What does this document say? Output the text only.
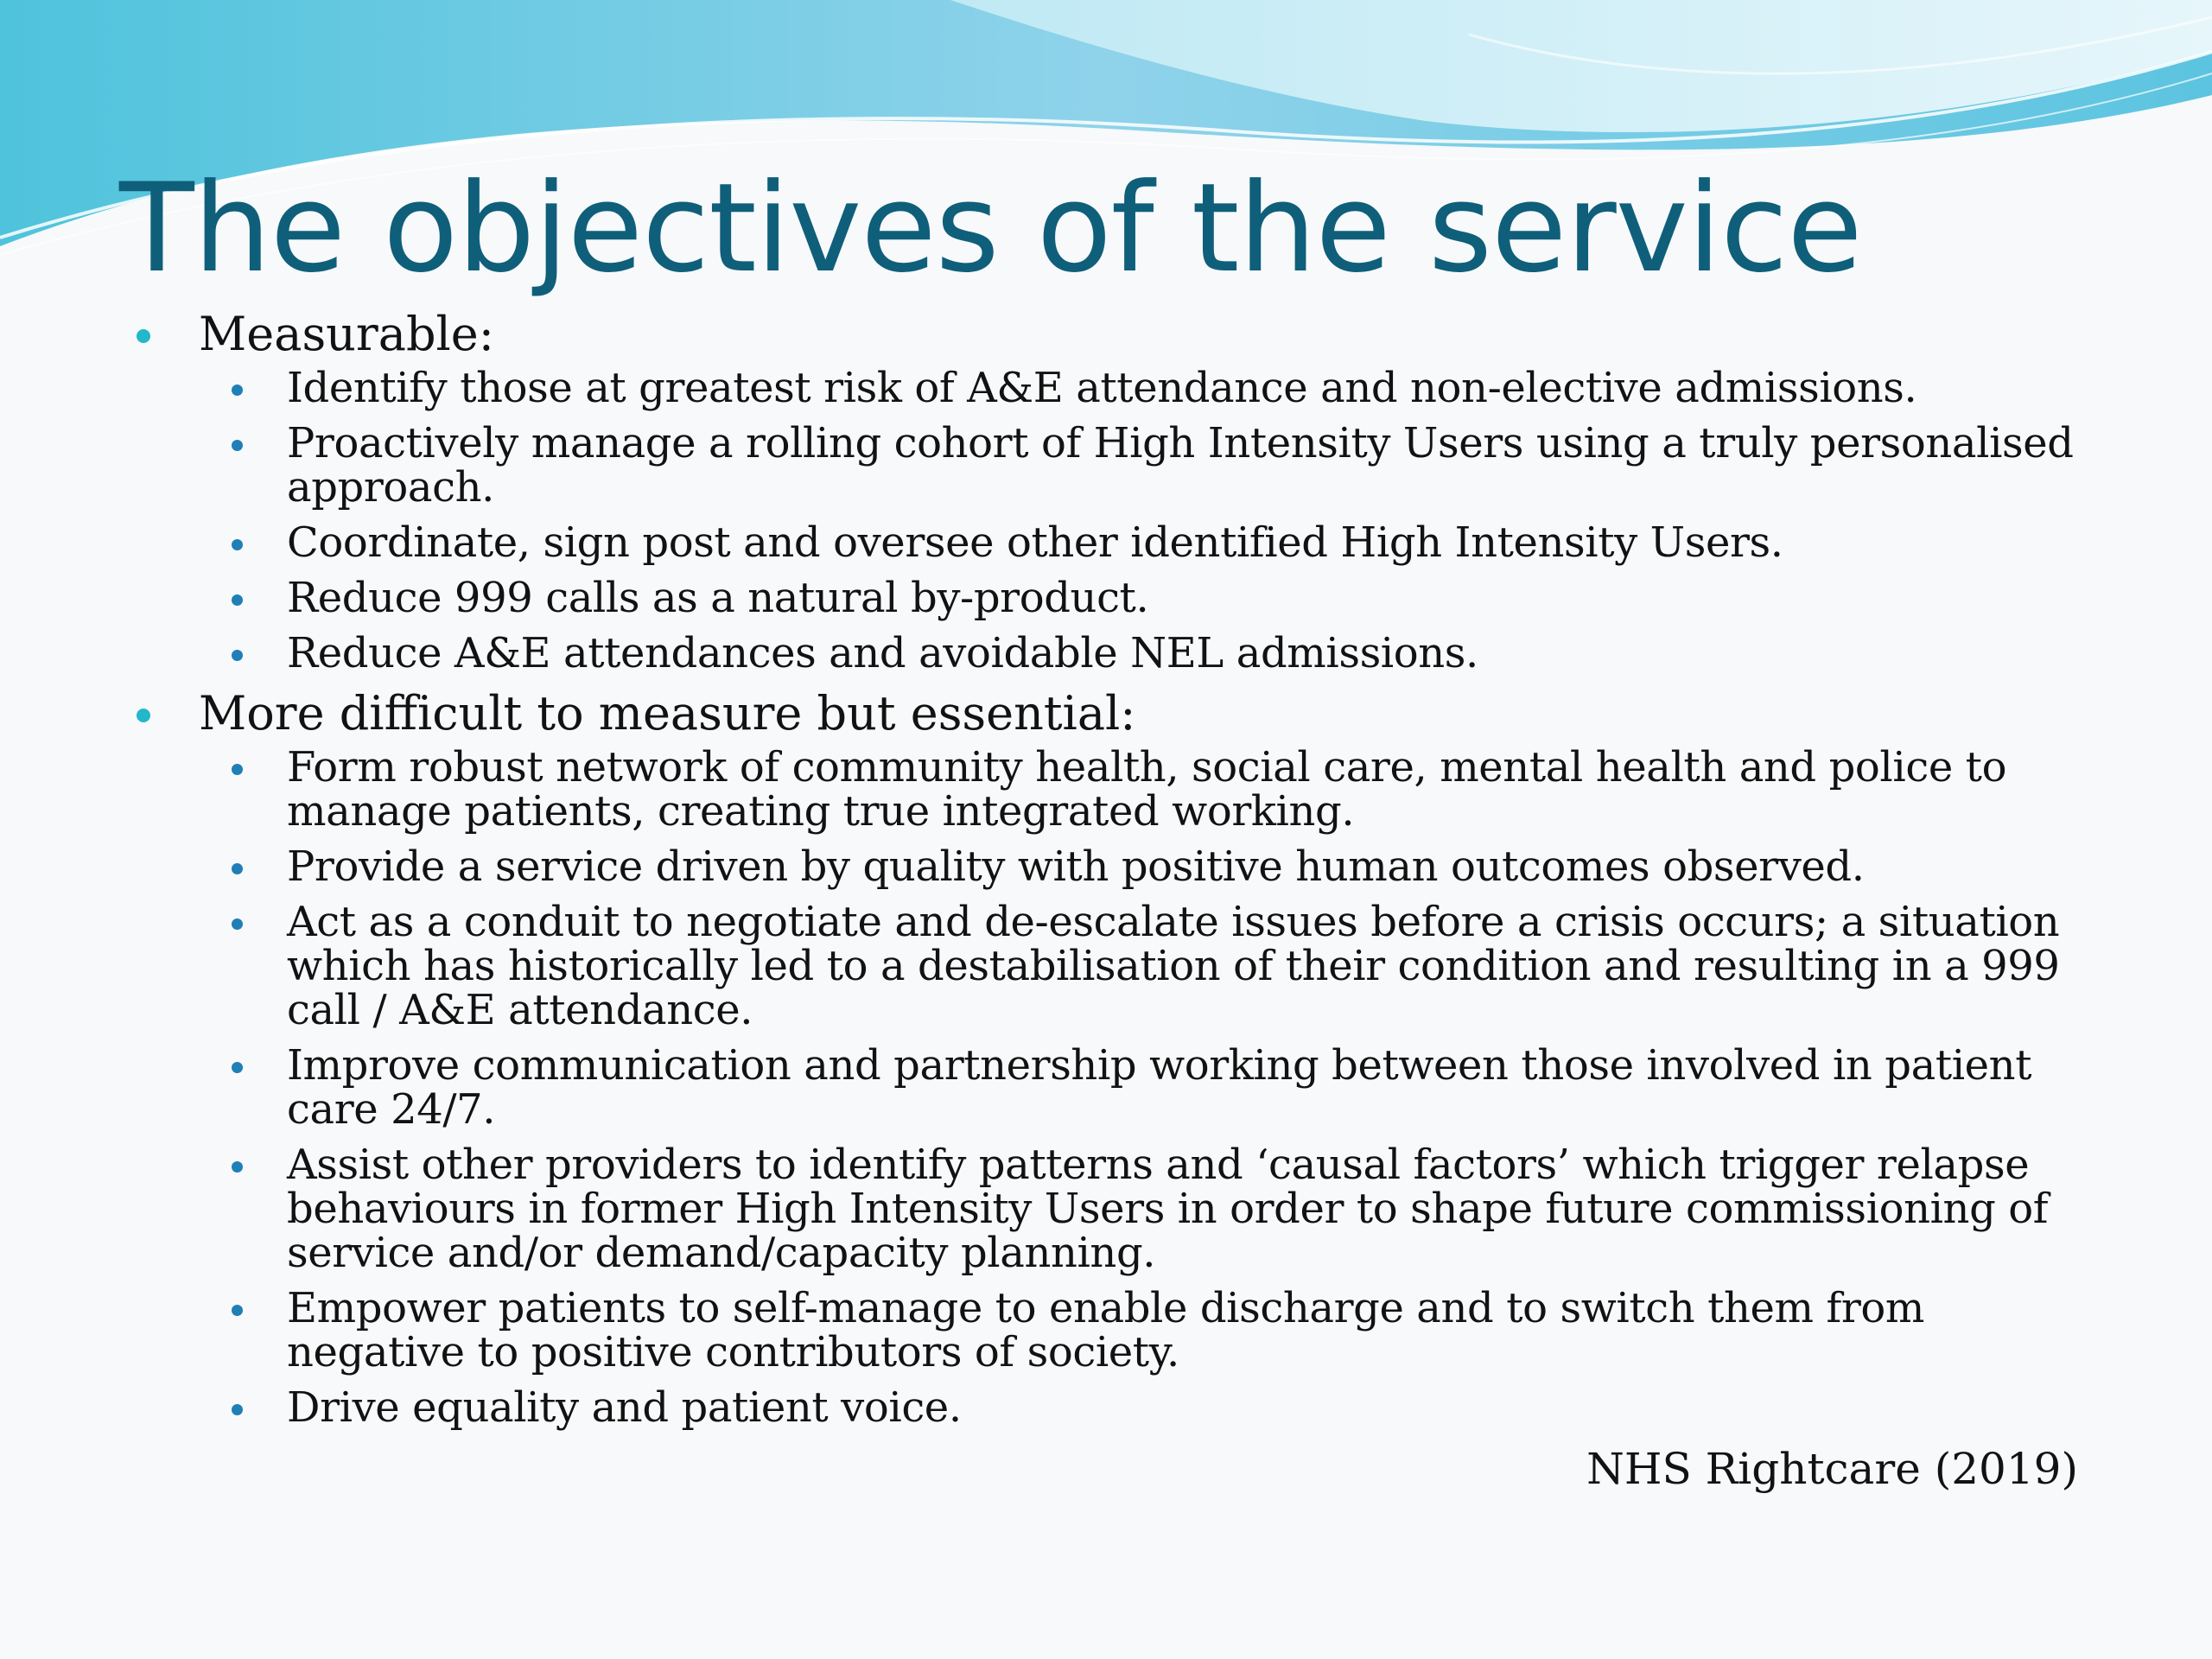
The objectives of the service
Measurable:
Identify those at greatest risk of A&E attendance and non-elective admissions.
Proactively manage a rolling cohort of High Intensity Users using a truly personalised approach.
Coordinate, sign post and oversee other identified High Intensity Users.
Reduce 999 calls as a natural by-product.
Reduce A&E attendances and avoidable NEL admissions.
More difficult to measure but essential:
Form robust network of community health, social care, mental health and police to manage patients, creating true integrated working.
Provide a service driven by quality with positive human outcomes observed.
Act as a conduit to negotiate and de-escalate issues before a crisis occurs; a situation which has historically led to a destabilisation of their condition and resulting in a 999 call / A&E attendance.
Improve communication and partnership working between those involved in patient care 24/7.
Assist other providers to identify patterns and ‘causal factors’ which trigger relapse behaviours in former High Intensity Users in order to shape future commissioning of service and/or demand/capacity planning.
Empower patients to self-manage to enable discharge and to switch them from negative to positive contributors of society.
Drive equality and patient voice.
NHS Rightcare (2019)
